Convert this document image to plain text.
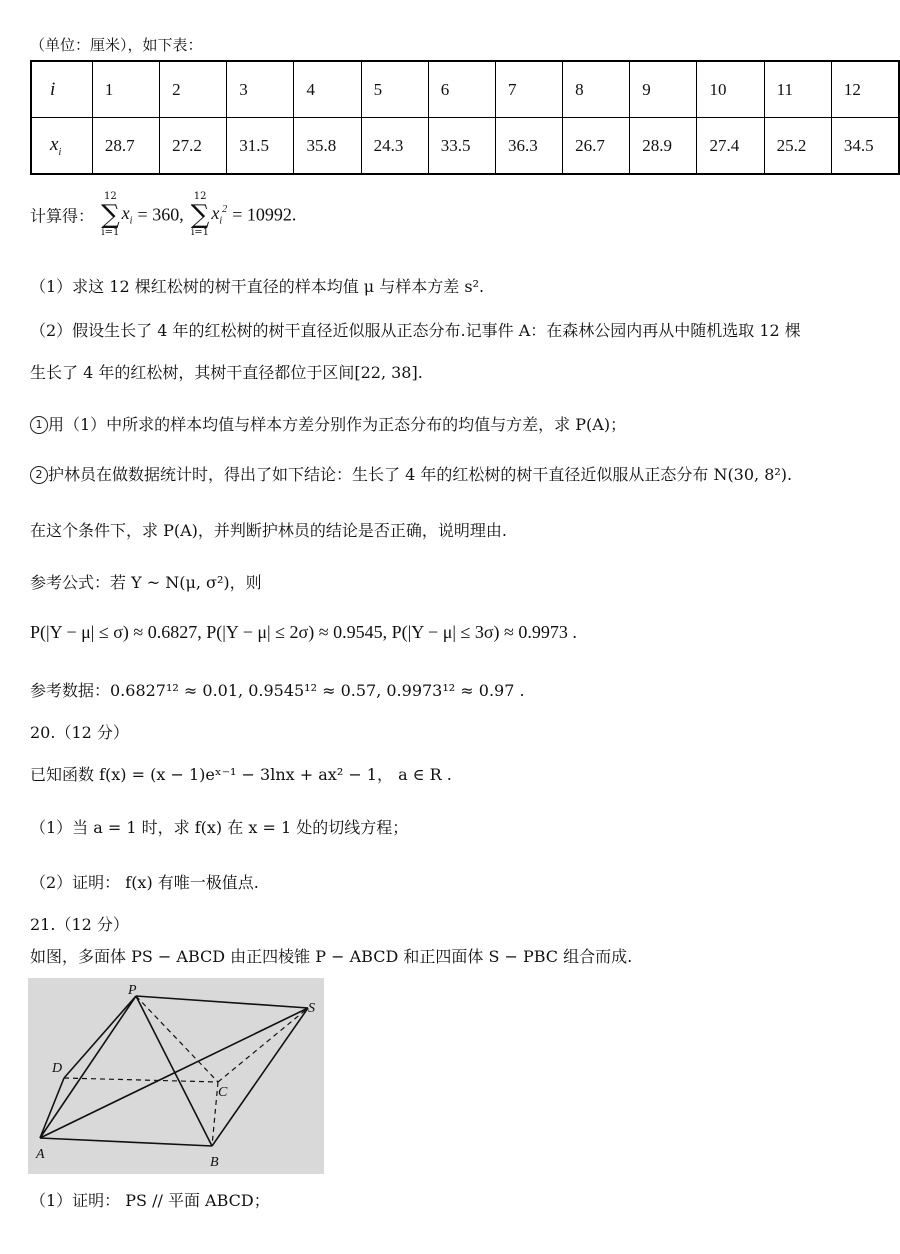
（单位：厘米），如下表：
i	1	2	3	4	5	6	7	8	9	10	11	12
$x_i$	28.7	27.2	31.5	35.8	24.3	33.5	36.3	26.7	28.9	27.4	25.2	34.5
计算得：
12
∑
i=1
$x_i = 360$,
12
∑
i=1
$x_i^2 = 10992$.
（1）求这 12 棵红松树的树干直径的样本均值 μ 与样本方差 s².
（2）假设生长了 4 年的红松树的树干直径近似服从正态分布.记事件 A：在森林公园内再从中随机选取 12 棵
生长了 4 年的红松树，其树干直径都位于区间[22, 38].
1 用（1）中所求的样本均值与样本方差分别作为正态分布的均值与方差，求 P(A)；
2 护林员在做数据统计时，得出了如下结论：生长了 4 年的红松树的树干直径近似服从正态分布 N(30, 8²).
在这个条件下，求 P(A)，并判断护林员的结论是否正确，说明理由.
参考公式：若 Y ~ N(μ, σ²)，则
P(|Y − μ| ≤ σ) ≈ 0.6827, P(|Y − μ| ≤ 2σ) ≈ 0.9545, P(|Y − μ| ≤ 3σ) ≈ 0.9973 .
参考数据：0.6827¹² ≈ 0.01, 0.9545¹² ≈ 0.57, 0.9973¹² ≈ 0.97 .
20.（12 分）
已知函数 f(x) = (x − 1)eˣ⁻¹ − 3lnx + ax² − 1， a ∈ R .
（1）当 a = 1 时，求 f(x) 在 x = 1 处的切线方程；
（2）证明： f(x) 有唯一极值点.
21.（12 分）
如图，多面体 PS − ABCD 由正四棱锥 P − ABCD 和正四面体 S − PBC 组合而成.
P
S
D
C
A
B
（1）证明： PS // 平面 ABCD；
